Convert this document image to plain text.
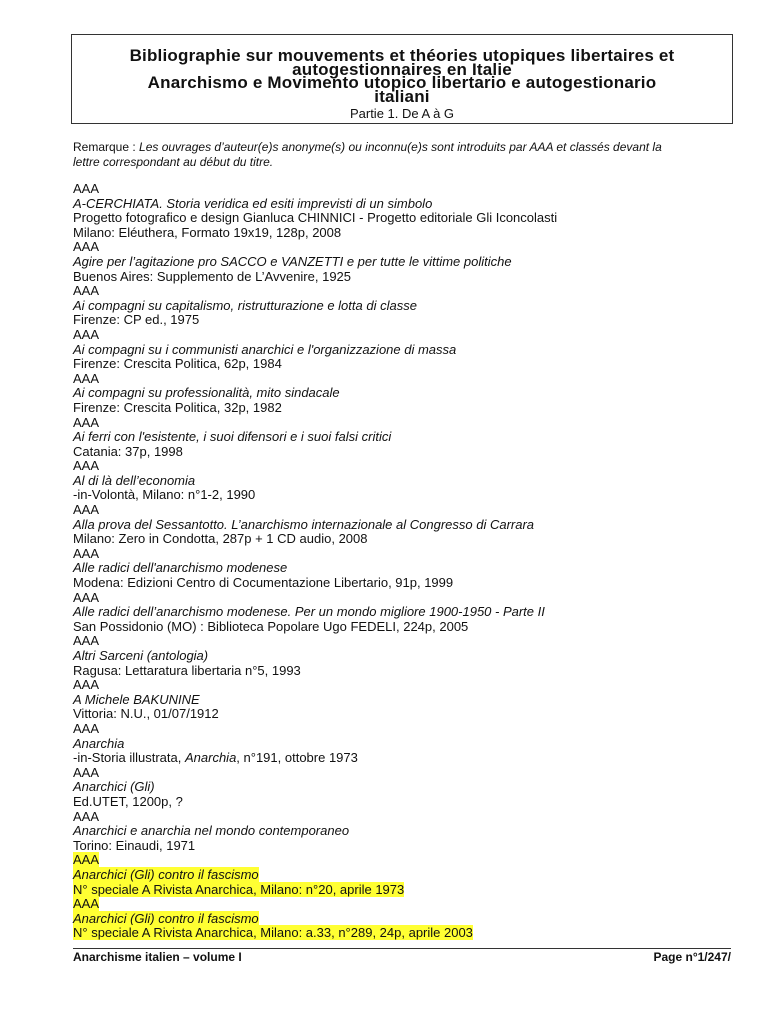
Bibliographie sur mouvements et théories utopiques libertaires et
autogestionnaires en Italie
Anarchismo e Movimento utopico libertario e autogestionario
italiani
Partie 1. De A à G
Remarque : Les ouvrages d’auteur(e)s anonyme(s) ou inconnu(e)s sont introduits par AAA et classés devant la
lettre correspondant au début du titre.
AAA
A-CERCHIATA. Storia veridica ed esiti imprevisti di un simbolo
Progetto fotografico e design Gianluca CHINNICI - Progetto editoriale Gli Iconcolasti
Milano: Eléuthera, Formato 19x19, 128p, 2008
AAA
Agire per l’agitazione pro SACCO e VANZETTI e per tutte le vittime politiche
Buenos Aires: Supplemento de L’Avvenire, 1925
AAA
Ai compagni su capitalismo, ristrutturazione e lotta di classe
Firenze: CP ed., 1975
AAA
Ai compagni su i communisti anarchici e l'organizzazione di massa
Firenze: Crescita Politica, 62p, 1984
AAA
Ai compagni su professionalità, mito sindacale
Firenze: Crescita Politica, 32p, 1982
AAA
Ai ferri con l'esistente, i suoi difensori e i suoi falsi critici
Catania: 37p, 1998
AAA
Al di là dell’economia
-in-Volontà, Milano: n°1-2, 1990
AAA
Alla prova del Sessantotto. L’anarchismo internazionale al Congresso di Carrara
Milano: Zero in Condotta, 287p + 1 CD audio, 2008
AAA
Alle radici dell'anarchismo modenese
Modena: Edizioni Centro di Cocumentazione Libertario, 91p, 1999
AAA
Alle radici dell’anarchismo modenese. Per un mondo migliore 1900-1950 - Parte II
San Possidonio (MO) : Biblioteca Popolare Ugo FEDELI, 224p, 2005
AAA
Altri Sarceni (antologia)
Ragusa: Lettaratura libertaria n°5, 1993
AAA
A Michele BAKUNINE
Vittoria: N.U., 01/07/1912
AAA
Anarchia
-in-Storia illustrata, Anarchia, n°191, ottobre 1973
AAA
Anarchici (Gli)
Ed.UTET, 1200p, ?
AAA
Anarchici e anarchia nel mondo contemporaneo
Torino: Einaudi, 1971
AAA
Anarchici (Gli) contro il fascismo
N° speciale A Rivista Anarchica, Milano: n°20, aprile 1973
AAA
Anarchici (Gli) contro il fascismo
N° speciale A Rivista Anarchica, Milano: a.33, n°289, 24p, aprile 2003
Anarchisme italien – volume I	Page n°1/247/
